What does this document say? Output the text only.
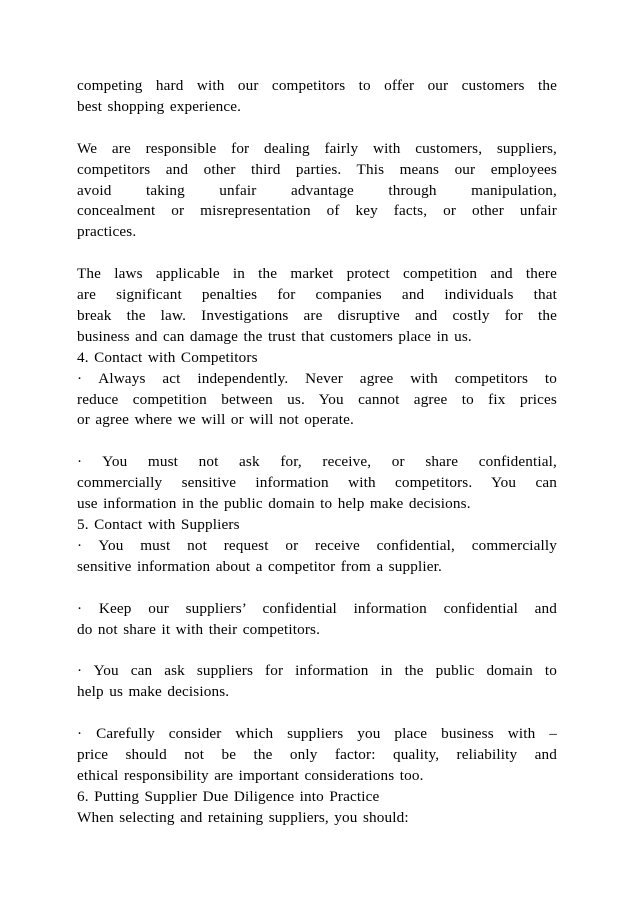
competing hard with our competitors to offer our customers the
best shopping experience.
We are responsible for dealing fairly with customers, suppliers,
competitors and other third parties. This means our employees
avoid taking unfair advantage through manipulation,
concealment or misrepresentation of key facts, or other unfair
practices.
The laws applicable in the market protect competition and there
are significant penalties for companies and individuals that
break the law. Investigations are disruptive and costly for the
business and can damage the trust that customers place in us.
4. Contact with Competitors
· Always act independently. Never agree with competitors to
reduce competition between us. You cannot agree to fix prices
or agree where we will or will not operate.
· You must not ask for, receive, or share confidential,
commercially sensitive information with competitors. You can
use information in the public domain to help make decisions.
5. Contact with Suppliers
· You must not request or receive confidential, commercially
sensitive information about a competitor from a supplier.
· Keep our suppliers’ confidential information confidential and
do not share it with their competitors.
· You can ask suppliers for information in the public domain to
help us make decisions.
· Carefully consider which suppliers you place business with –
price should not be the only factor: quality, reliability and
ethical responsibility are important considerations too.
6. Putting Supplier Due Diligence into Practice
When selecting and retaining suppliers, you should:
